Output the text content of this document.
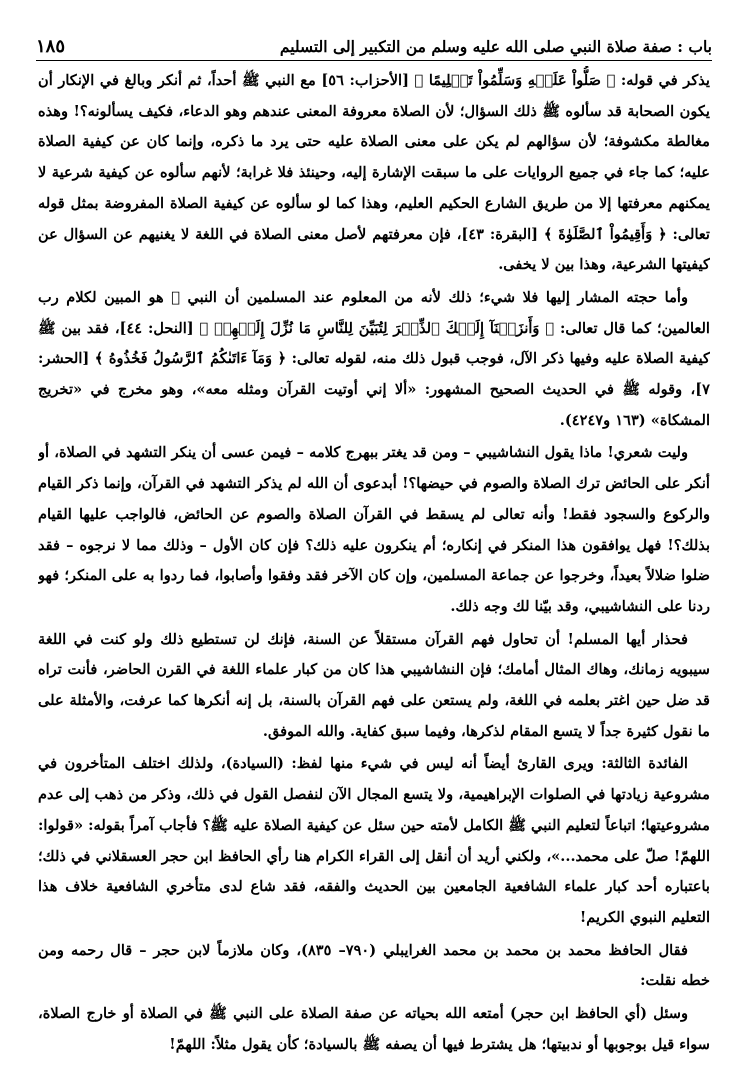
باب : صفة صلاة النبي صلى الله عليه وسلم من التكبير إلى التسليم
١٨٥

يذكر في قوله: ﴿ صَلُّواْ عَلَيۡهِ وَسَلِّمُواْ تَسۡلِيمًا ﴾ [الأحزاب: ٥٦] مع النبي ﷺ أحداً، ثم أنكر وبالغ في الإنكار أن يكون الصحابة قد سألوه ﷺ ذلك السؤال؛ لأن الصلاة معروفة المعنى عندهم وهو الدعاء، فكيف يسألونه؟! وهذه مغالطة مكشوفة؛ لأن سؤالهم لم يكن على معنى الصلاة عليه حتى يرد ما ذكره، وإنما كان عن كيفية الصلاة عليه؛ كما جاء في جميع الروايات على ما سبقت الإشارة إليه، وحينئذ فلا غرابة؛ لأنهم سألوه عن كيفية شرعية لا يمكنهم معرفتها إلا من طريق الشارع الحكيم العليم، وهذا كما لو سألوه عن كيفية الصلاة المفروضة بمثل قوله تعالى: ﴿ وَأَقِيمُواْ ٱلصَّلَوٰةَ ﴾ [البقرة: ٤٣]، فإن معرفتهم لأصل معنى الصلاة في اللغة لا يغنيهم عن السؤال عن كيفيتها الشرعية، وهذا بين لا يخفى.

وأما حجته المشار إليها فلا شيء؛ ذلك لأنه من المعلوم عند المسلمين أن النبي ﷺ هو المبين لكلام رب العالمين؛ كما قال تعالى: ﴿ وَأَنزَلۡنَآ إِلَيۡكَ ٱلذِّكۡرَ لِتُبَيِّنَ لِلنَّاسِ مَا نُزِّلَ إِلَيۡهِمۡ ﴾ [النحل: ٤٤]، فقد بين ﷺ كيفية الصلاة عليه وفيها ذكر الآل، فوجب قبول ذلك منه، لقوله تعالى: ﴿ وَمَآ ءَاتَىٰكُمُ ٱلرَّسُولُ فَخُذُوهُ ﴾ [الحشر: ٧]، وقوله ﷺ في الحديث الصحيح المشهور: «ألا إني أوتيت القرآن ومثله معه»، وهو مخرج في «تخريج المشكاة» (١٦٣ و٤٢٤٧).

وليت شعري! ماذا يقول النشاشيبي – ومن قد يغتر ببهرج كلامه – فيمن عسى أن ينكر التشهد في الصلاة، أو أنكر على الحائض ترك الصلاة والصوم في حيضها؟! أبدعوى أن الله لم يذكر التشهد في القرآن، وإنما ذكر القيام والركوع والسجود فقط! وأنه تعالى لم يسقط في القرآن الصلاة والصوم عن الحائض، فالواجب عليها القيام بذلك؟! فهل يوافقون هذا المنكر في إنكاره؛ أم ينكرون عليه ذلك؟ فإن كان الأول – وذلك مما لا نرجوه – فقد ضلوا ضلالاً بعيداً، وخرجوا عن جماعة المسلمين، وإن كان الآخر فقد وفقوا وأصابوا، فما ردوا به على المنكر؛ فهو ردنا على النشاشيبي، وقد بيّنا لك وجه ذلك.

فحذار أيها المسلم! أن تحاول فهم القرآن مستقلاً عن السنة، فإنك لن تستطيع ذلك ولو كنت في اللغة سيبويه زمانك، وهاك المثال أمامك؛ فإن النشاشيبي هذا كان من كبار علماء اللغة في القرن الحاضر، فأنت تراه قد ضل حين اغتر بعلمه في اللغة، ولم يستعن على فهم القرآن بالسنة، بل إنه أنكرها كما عرفت، والأمثلة على ما نقول كثيرة جداً لا يتسع المقام لذكرها، وفيما سبق كفاية. والله الموفق.

الفائدة الثالثة: ويرى القارئ أيضاً أنه ليس في شيء منها لفظ: (السيادة)، ولذلك اختلف المتأخرون في مشروعية زيادتها في الصلوات الإبراهيمية، ولا يتسع المجال الآن لنفصل القول في ذلك، وذكر من ذهب إلى عدم مشروعيتها؛ اتباعاً لتعليم النبي ﷺ الكامل لأمته حين سئل عن كيفية الصلاة عليه ﷺ؟ فأجاب آمراً بقوله: «قولوا: اللهمّ! صلّ على محمد...»، ولكني أريد أن أنقل إلى القراء الكرام هنا رأي الحافظ ابن حجر العسقلاني في ذلك؛ باعتباره أحد كبار علماء الشافعية الجامعين بين الحديث والفقه، فقد شاع لدى متأخري الشافعية خلاف هذا التعليم النبوي الكريم!

فقال الحافظ محمد بن محمد بن محمد الغرايبلي (٧٩٠– ٨٣٥)، وكان ملازماً لابن حجر – قال رحمه ومن خطه نقلت:

وسئل (أي الحافظ ابن حجر) أمتعه الله بحياته عن صفة الصلاة على النبي ﷺ في الصلاة أو خارج الصلاة، سواء قيل بوجوبها أو ندبيتها؛ هل يشترط فيها أن يصفه ﷺ بالسيادة؛ كأن يقول مثلاً: اللهمّ!
